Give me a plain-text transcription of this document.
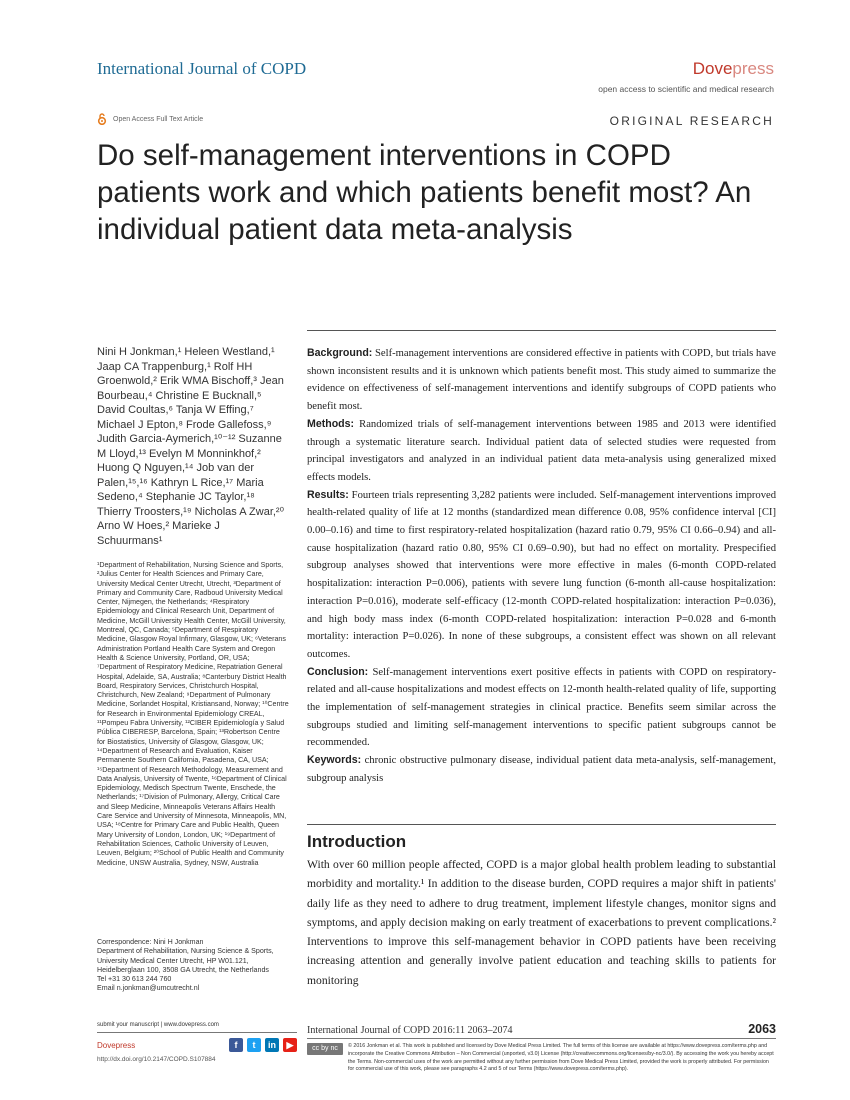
International Journal of COPD	Dovepress
open access to scientific and medical research
Open Access Full Text Article	ORIGINAL RESEARCH
Do self-management interventions in COPD patients work and which patients benefit most? An individual patient data meta-analysis
Nini H Jonkman,¹ Heleen Westland,¹ Jaap CA Trappenburg,¹ Rolf HH Groenwold,² Erik WMA Bischoff,³ Jean Bourbeau,⁴ Christine E Bucknall,⁵ David Coultas,⁶ Tanja W Effing,⁷ Michael J Epton,⁸ Frode Gallefoss,⁹ Judith Garcia-Aymerich,¹⁰⁻¹² Suzanne M Lloyd,¹³ Evelyn M Monninkhof,² Huong Q Nguyen,¹⁴ Job van der Palen,¹⁵,¹⁶ Kathryn L Rice,¹⁷ Maria Sedeno,⁴ Stephanie JC Taylor,¹⁸ Thierry Troosters,¹⁹ Nicholas A Zwar,²⁰ Arno W Hoes,² Marieke J Schuurmans¹
¹Department of Rehabilitation, Nursing Science and Sports, ²Julius Center for Health Sciences and Primary Care, University Medical Center Utrecht, Utrecht, ³Department of Primary and Community Care, Radboud University Medical Center, Nijmegen, the Netherlands; ⁴Respiratory Epidemiology and Clinical Research Unit, Department of Medicine, McGill University Health Center, McGill University, Montreal, QC, Canada; ⁵Department of Respiratory Medicine, Glasgow Royal Infirmary, Glasgow, UK; ⁶Veterans Administration Portland Health Care System and Oregon Health & Science University, Portland, OR, USA; ⁷Department of Respiratory Medicine, Repatriation General Hospital, Adelaide, SA, Australia; ⁸Canterbury District Health Board, Respiratory Services, Christchurch Hospital, Christchurch, New Zealand; ⁹Department of Pulmonary Medicine, Sorlandet Hospital, Kristiansand, Norway; ¹⁰Centre for Research in Environmental Epidemiology CREAL, ¹¹Pompeu Fabra University, ¹²CIBER Epidemiología y Salud Pública CIBERESP, Barcelona, Spain; ¹³Robertson Centre for Biostatistics, University of Glasgow, Glasgow, UK; ¹⁴Department of Research and Evaluation, Kaiser Permanente Southern California, Pasadena, CA, USA; ¹⁵Department of Research Methodology, Measurement and Data Analysis, University of Twente, ¹⁶Department of Clinical Epidemiology, Medisch Spectrum Twente, Enschede, the Netherlands; ¹⁷Division of Pulmonary, Allergy, Critical Care and Sleep Medicine, Minneapolis Veterans Affairs Health Care Service and University of Minnesota, Minneapolis, MN, USA; ¹⁸Centre for Primary Care and Public Health, Queen Mary University of London, London, UK; ¹⁹Department of Rehabilitation Sciences, Catholic University of Leuven, Leuven, Belgium; ²⁰School of Public Health and Community Medicine, UNSW Australia, Sydney, NSW, Australia
Correspondence: Nini H Jonkman
Department of Rehabilitation, Nursing Science & Sports, University Medical Center Utrecht, HP W01.121, Heidelberglaan 100, 3508 GA Utrecht, the Netherlands
Tel +31 30 613 244 760
Email n.jonkman@umcutrecht.nl

Background: Self-management interventions are considered effective in patients with COPD, but trials have shown inconsistent results and it is unknown which patients benefit most. This study aimed to summarize the evidence on effectiveness of self-management interventions and identify subgroups of COPD patients who benefit most.

Methods: Randomized trials of self-management interventions between 1985 and 2013 were identified through a systematic literature search. Individual patient data of selected studies were requested from principal investigators and analyzed in an individual patient data meta-analysis using generalized mixed effects models.

Results: Fourteen trials representing 3,282 patients were included. Self-management interventions improved health-related quality of life at 12 months (standardized mean difference 0.08, 95% confidence interval [CI] 0.00–0.16) and time to first respiratory-related hospitalization (hazard ratio 0.79, 95% CI 0.66–0.94) and all-cause hospitalization (hazard ratio 0.80, 95% CI 0.69–0.90), but had no effect on mortality. Prespecified subgroup analyses showed that interventions were more effective in males (6-month COPD-related hospitalization: interaction P=0.006), patients with severe lung function (6-month all-cause hospitalization: interaction P=0.016), moderate self-efficacy (12-month COPD-related hospitalization: interaction P=0.036), and high body mass index (6-month COPD-related hospitalization: interaction P=0.028 and 6-month mortality: interaction P=0.026). In none of these subgroups, a consistent effect was shown on all relevant outcomes.

Conclusion: Self-management interventions exert positive effects in patients with COPD on respiratory-related and all-cause hospitalizations and modest effects on 12-month health-related quality of life, supporting the implementation of self-management strategies in clinical practice. Benefits seem similar across the subgroups studied and limiting self-management interventions to specific patient subgroups cannot be recommended.

Keywords: chronic obstructive pulmonary disease, individual patient data meta-analysis, self-management, subgroup analysis

Introduction
With over 60 million people affected, COPD is a major global health problem leading to substantial morbidity and mortality.¹ In addition to the disease burden, COPD requires a major shift in patients' daily life as they need to adhere to drug treatment, implement lifestyle changes, monitor signs and symptoms, and apply decision making on early treatment of exacerbations to prevent complications.² Interventions to improve this self-management behavior in COPD patients have been receiving increasing attention and generally involve patient education and teaching skills to patients for monitoring
submit your manuscript | www.dovepress.com
Dovepress	f	t	in	▶
http://dx.doi.org/10.2147/COPD.S107884
International Journal of COPD 2016:11 2063–2074	2063
cc by nc	© 2016 Jonkman et al. This work is published and licensed by Dove Medical Press Limited. The full terms of this license are available at https://www.dovepress.com/terms.php and incorporate the Creative Commons Attribution – Non Commercial (unported, v3.0) License (http://creativecommons.org/licenses/by-nc/3.0/). By accessing the work you hereby accept the Terms. Non-commercial uses of the work are permitted without any further permission from Dove Medical Press Limited, provided the work is properly attributed. For permission for commercial use of this work, please see paragraphs 4.2 and 5 of our Terms (https://www.dovepress.com/terms.php).
